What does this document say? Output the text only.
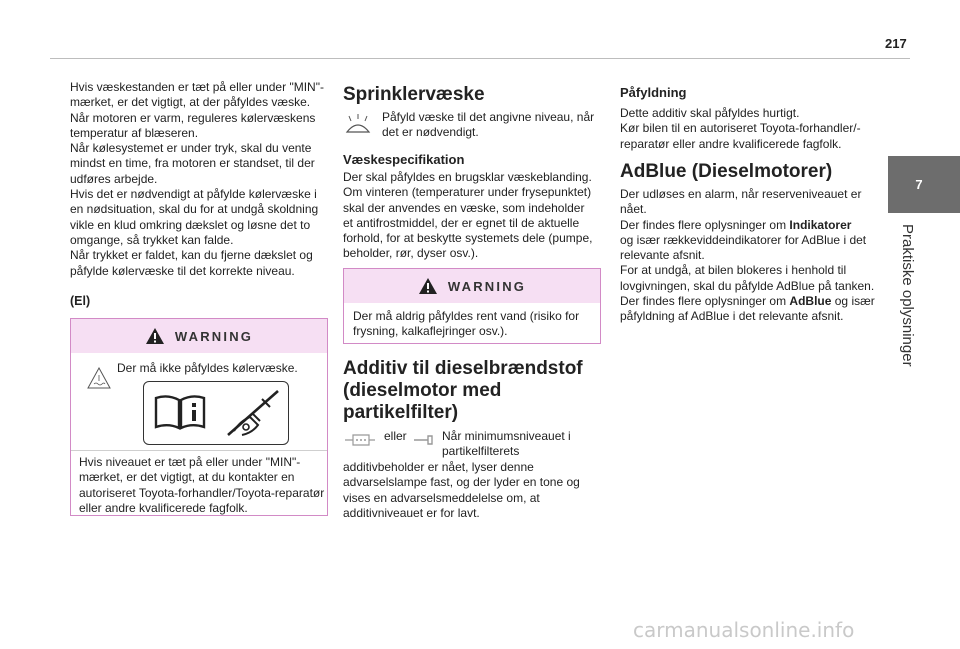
217
7
Praktiske oplysninger

Hvis væskestanden er tæt på eller under "MIN"-

mærket, er det vigtigt, at der påfyldes væske.

Når motoren er varm, reguleres kølervæskens

temperatur af blæseren.

Når kølesystemet er under tryk, skal du vente

mindst en time, fra motoren er standset, til der

udføres arbejde.

Hvis det er nødvendigt at påfylde kølervæske i

en nødsituation, skal du for at undgå skoldning

vikle en klud omkring dækslet og løsne det to

omgange, så trykket kan falde.

Når trykket er faldet, kan du fjerne dækslet og

påfylde kølervæske til det korrekte niveau.

(El)
WARNING
Der må ikke påfyldes kølervæske.

Hvis niveauet er tæt på eller under "MIN"-

mærket, er det vigtigt, at du kontakter en

autoriseret Toyota-forhandler/Toyota-reparatør

eller andre kvalificerede fagfolk.

Sprinklervæske

Påfyld væske til det angivne niveau, når

det er nødvendigt.

Væskespecifikation

Der skal påfyldes en brugsklar væskeblanding.

Om vinteren (temperaturer under frysepunktet)

skal der anvendes en væske, som indeholder

et antifrostmiddel, der er egnet til de aktuelle

forhold, for at beskytte systemets dele (pumpe,

beholder, rør, dyser osv.).

WARNING

Der må aldrig påfyldes rent vand (risiko for

frysning, kalkaflejringer osv.).

Additiv til dieselbrændstof
(dieselmotor med
partikelfilter)
eller	Når minimumsniveauet i

partikelfilterets

additivbeholder er nået, lyser denne

advarselslampe fast, og der lyder en tone og

vises en advarselsmeddelelse om, at

additivniveauet er for lavt.

Påfyldning

Dette additiv skal påfyldes hurtigt.

Kør bilen til en autoriseret Toyota-forhandler/-

reparatør eller andre kvalificerede fagfolk.

AdBlue (Dieselmotorer)

Der udløses en alarm, når reserveniveauet er

nået.

Der findes flere oplysninger om Indikatorer

og især rækkeviddeindikatorer for AdBlue i det

relevante afsnit.

For at undgå, at bilen blokeres i henhold til

lovgivningen, skal du påfylde AdBlue på tanken.

Der findes flere oplysninger om AdBlue og især

påfyldning af AdBlue i det relevante afsnit.

carmanualsonline.info
